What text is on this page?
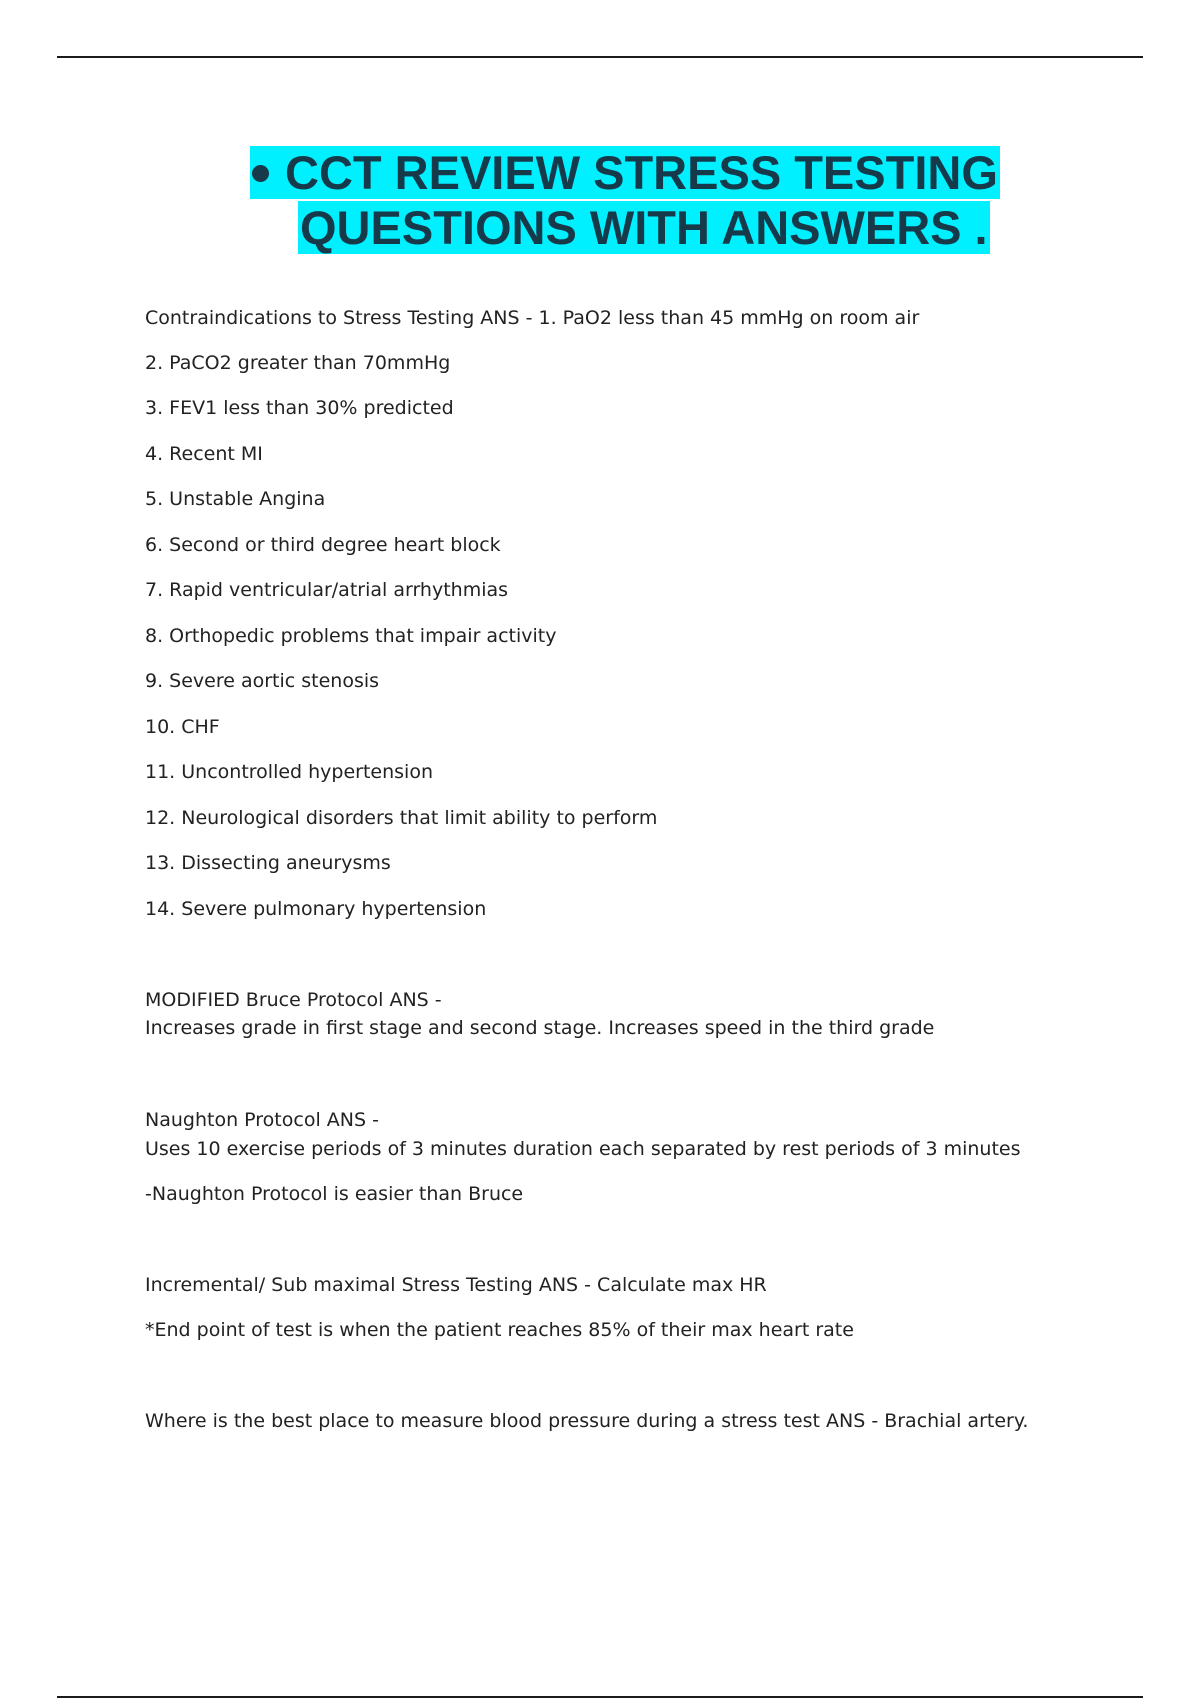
CCT REVIEW STRESS TESTING
QUESTIONS WITH ANSWERS .
Contraindications to Stress Testing ANS - 1. PaO2 less than 45 mmHg on room air
2. PaCO2 greater than 70mmHg
3. FEV1 less than 30% predicted
4. Recent MI
5. Unstable Angina
6. Second or third degree heart block
7. Rapid ventricular/atrial arrhythmias
8. Orthopedic problems that impair activity
9. Severe aortic stenosis
10. CHF
11. Uncontrolled hypertension
12. Neurological disorders that limit ability to perform
13. Dissecting aneurysms
14. Severe pulmonary hypertension
MODIFIED Bruce Protocol ANS -
Increases grade in first stage and second stage. Increases speed in the third grade
Naughton Protocol ANS -
Uses 10 exercise periods of 3 minutes duration each separated by rest periods of 3 minutes
-Naughton Protocol is easier than Bruce
Incremental/ Sub maximal Stress Testing ANS - Calculate max HR
*End point of test is when the patient reaches 85% of their max heart rate
Where is the best place to measure blood pressure during a stress test ANS - Brachial artery.
